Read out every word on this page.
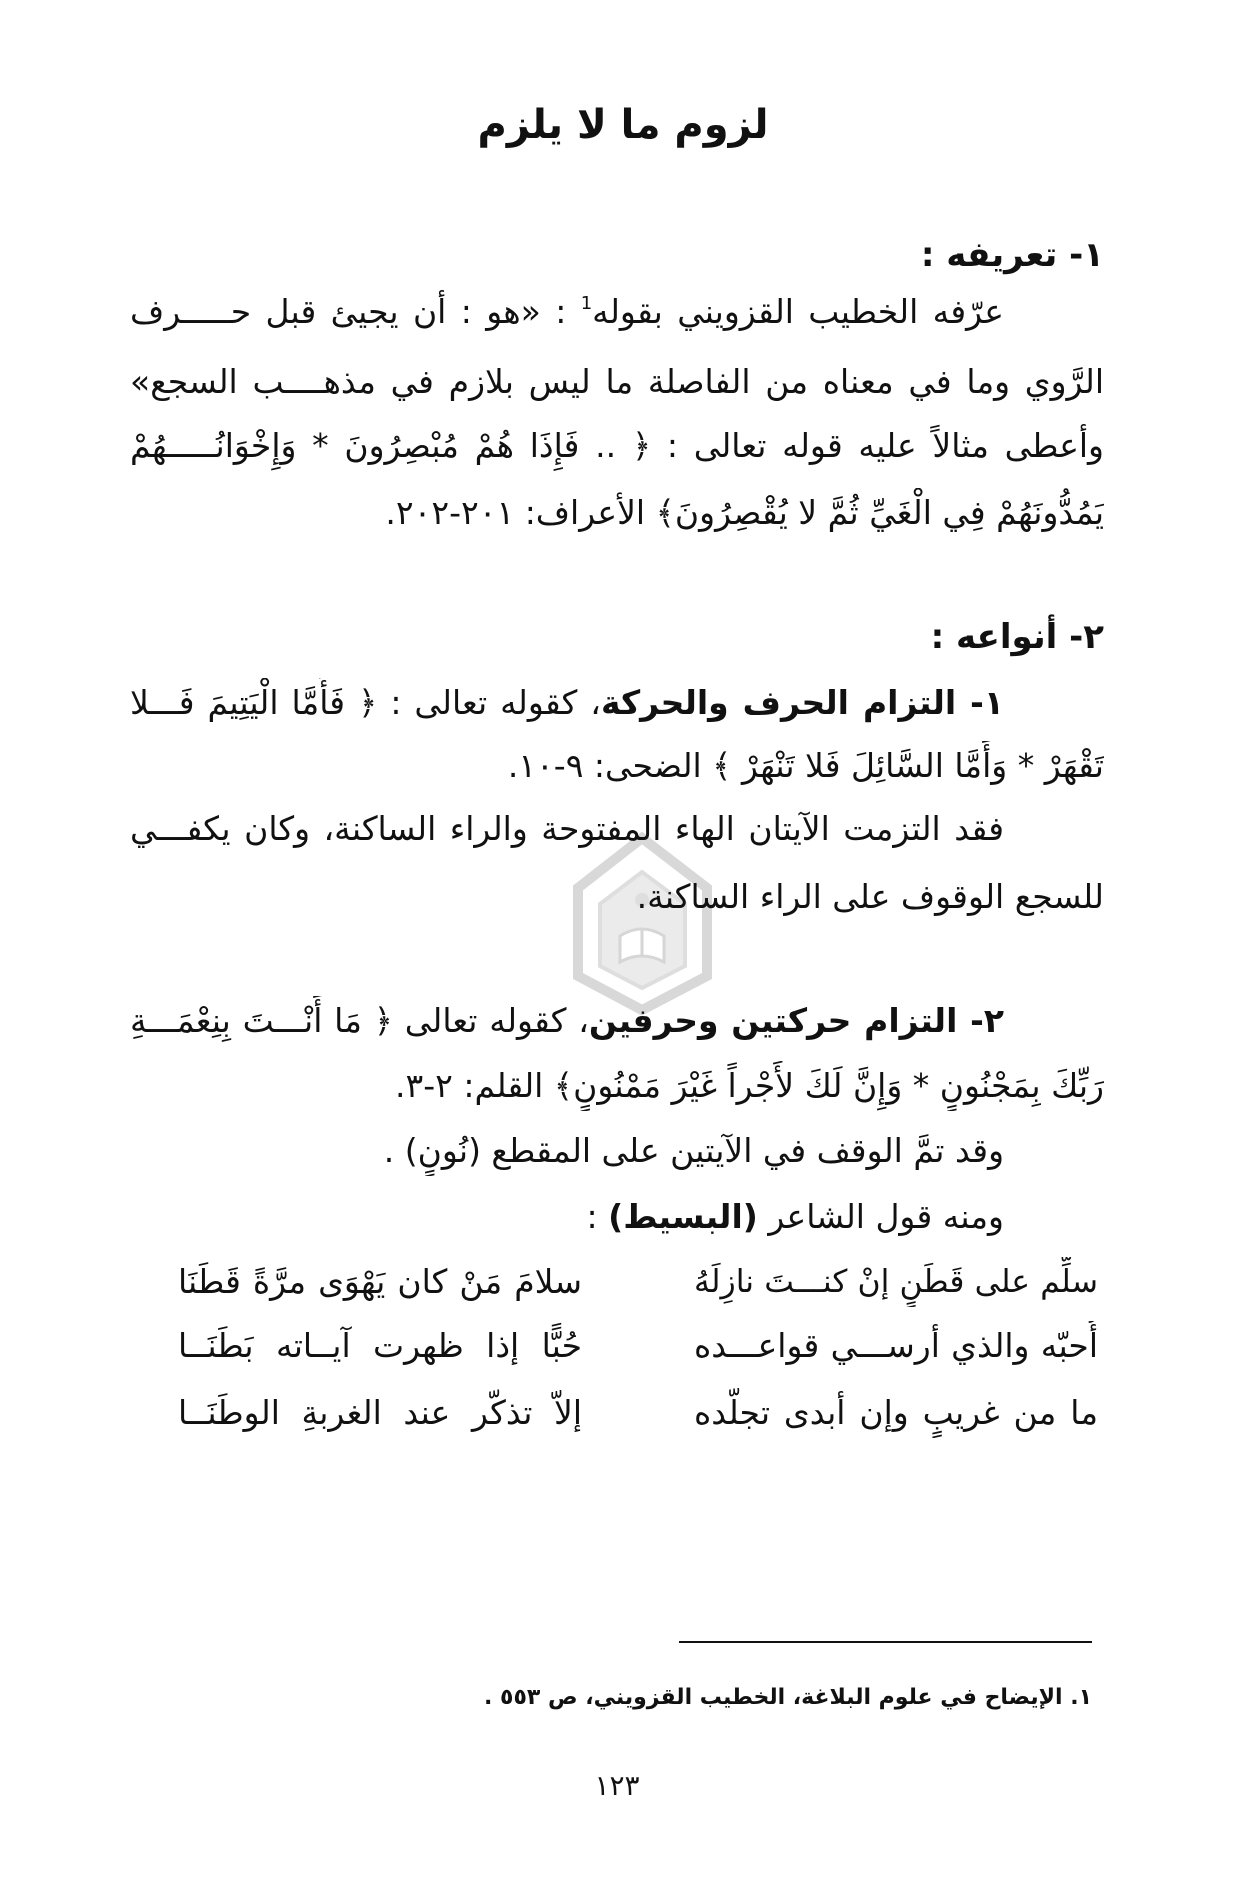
لزوم ما لا يلزم
١- تعريفه :
عرّفه الخطيب القزويني بقوله$^1$ : «هو : أن يجيئ قبل حـــــرف
الرَّوي وما في معناه من الفاصلة ما ليس بلازم في مذهــــب السجع»
وأعطى مثالاً عليه قوله تعالى : ﴿ .. فَإِذَا هُمْ مُبْصِرُونَ * وَإِخْوَانُـــــهُمْ
يَمُدُّونَهُمْ فِي الْغَيِّ ثُمَّ لا يُقْصِرُونَ﴾ الأعراف: ٢٠١-٢٠٢.
٢- أنواعه :
١- التزام الحرف والحركة، كقوله تعالى : ﴿ فَأَمَّا الْيَتِيمَ فَـــلا
تَقْهَرْ * وَأَمَّا السَّائِلَ فَلا تَنْهَرْ ﴾ الضحى: ٩-١٠.
فقد التزمت الآيتان الهاء المفتوحة والراء الساكنة، وكان يكفـــي
للسجع الوقوف على الراء الساكنة.
٢- التزام حركتين وحرفين، كقوله تعالى ﴿ مَا أَنْـــتَ بِنِعْمَـــةِ
رَبِّكَ بِمَجْنُونٍ * وَإِنَّ لَكَ لأَجْراً غَيْرَ مَمْنُونٍ﴾ القلم: ٢-٣.
وقد تمَّ الوقف في الآيتين على المقطع (نُونٍ) .
ومنه قول الشاعر (البسيط) :
سلِّم على قَطَنٍ إنْ كنـــتَ نازِلَهُ
سلامَ مَنْ كان يَهْوَى مرَّةً قَطَنَا
أُحبّه والذي أرســـي قواعـــده
حُبًّا إذا ظهرت آيــاته بَطَنَــا
ما من غريبٍ وإن أبدى تجلّده
إلاّ تذكّر عند الغربةِ الوطَنَــا
١. الإيضاح في علوم البلاغة، الخطيب القزويني، ص ٥٥٣ .
١٢٣
